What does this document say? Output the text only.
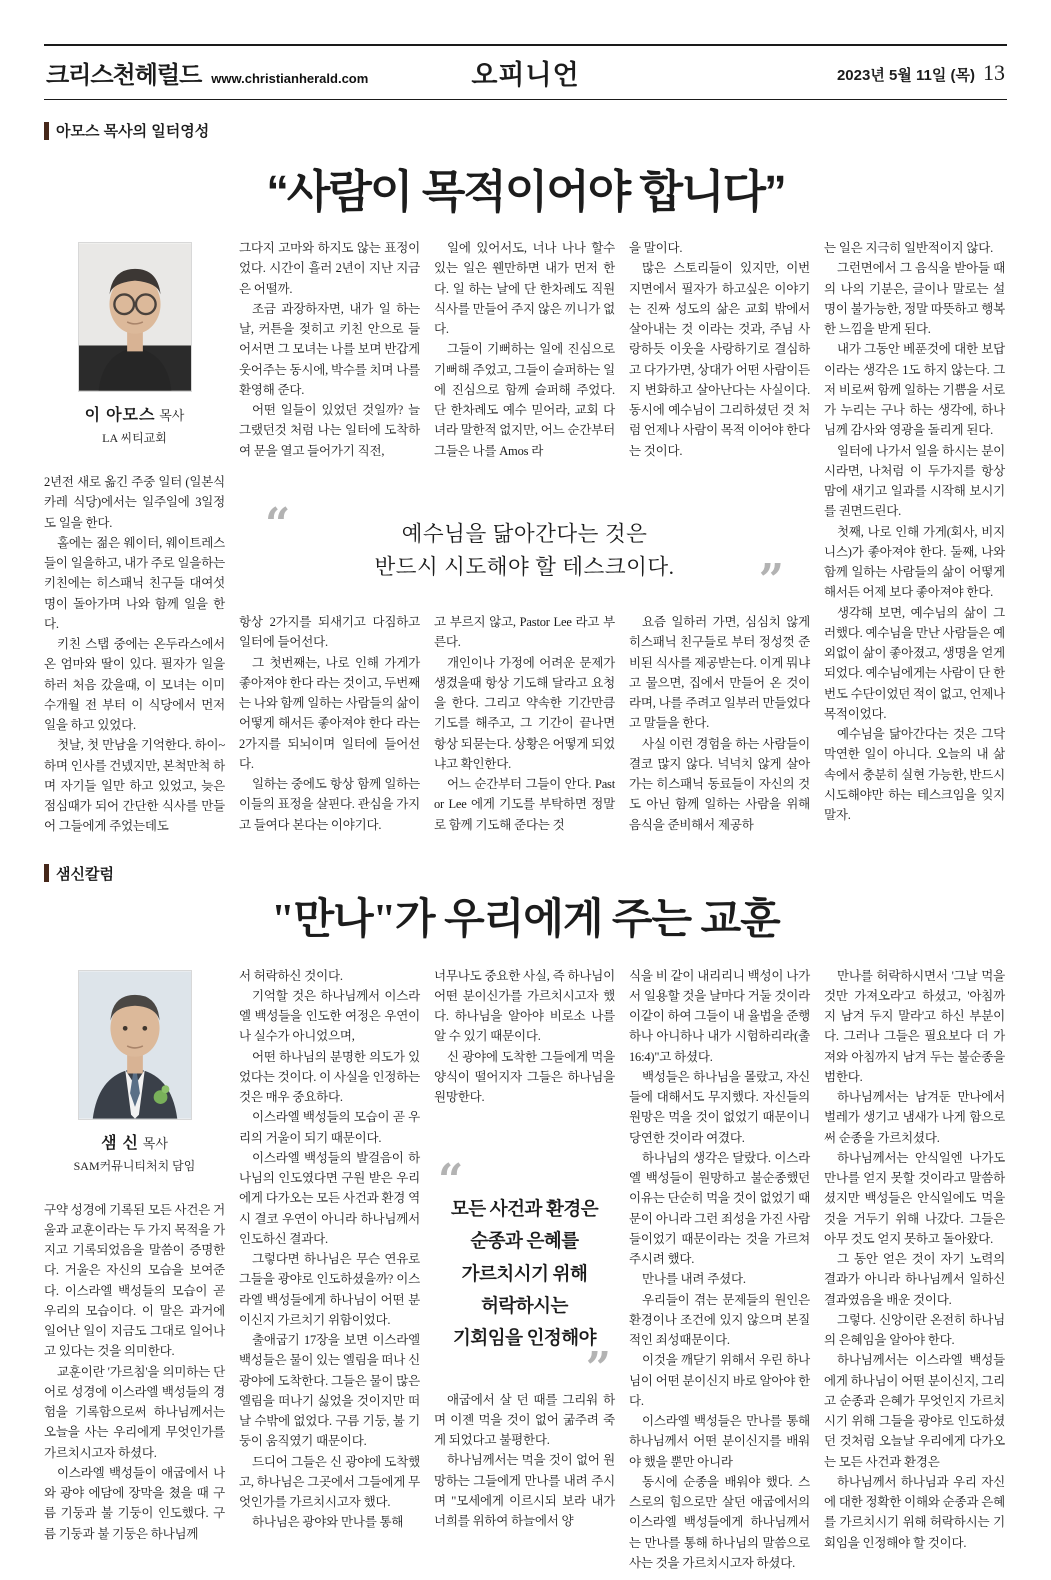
크리스천헤럴드 www.christianherald.com	오피니언	2023년 5월 11일 (목) 13
아모스 목사의 일터영성
“사람이 목적이어야 합니다”
이 아모스 목사
LA 씨티교회

2년전 새로 옮긴 주중 일터 (일본식 카레 식당)에서는 일주일에 3일정도 일을 한다.

홀에는 젊은 웨이터, 웨이트레스 들이 일을하고, 내가 주로 일을하는 키친에는 히스패닉 친구들 대여섯 명이 돌아가며 나와 함께 일을 한다.

키친 스탭 중에는 온두라스에서 온 엄마와 딸이 있다. 필자가 일을 하러 처음 갔을때, 이 모녀는 이미 수개월 전 부터 이 식당에서 먼저 일을 하고 있었다.

첫날, 첫 만남을 기억한다. 하이~ 하며 인사를 건넸지만, 본척만척 하며 자기들 일만 하고 있었고, 늦은 점심때가 되어 간단한 식사를 만들어 그들에게 주었는데도

그다지 고마와 하지도 않는 표정이었다. 시간이 흘러 2년이 지난 지금은 어떨까.

조금 과장하자면, 내가 일 하는 날, 커튼을 젖히고 키친 안으로 들어서면 그 모녀는 나를 보며 반갑게 웃어주는 동시에, 박수를 치며 나를 환영해 준다.

어떤 일들이 있었던 것일까? 늘 그랬던것 처럼 나는 일터에 도착하여 문을 열고 들어가기 직전,

일에 있어서도, 너나 나나 할수 있는 일은 웬만하면 내가 먼저 한다. 일 하는 날에 단 한차례도 직원 식사를 만들어 주지 않은 끼니가 없다.

그들이 기뻐하는 일에 진심으로 기뻐해 주었고, 그들이 슬퍼하는 일에 진심으로 함께 슬퍼해 주었다. 단 한차례도 예수 믿어라, 교회 다녀라 말한적 없지만, 어느 순간부터 그들은 나를 Amos 라

을 말이다.

많은 스토리들이 있지만, 이번 지면에서 필자가 하고싶은 이야기는 진짜 성도의 삶은 교회 밖에서 살아내는 것 이라는 것과, 주님 사랑하듯 이웃을 사랑하기로 결심하고 다가가면, 상대가 어떤 사람이든지 변화하고 살아난다는 사실이다. 동시에 예수님이 그리하셨던 것 처럼 언제나 사람이 목적 이어야 한다는 것이다.

“	예수님을 닮아간다는 것은
반드시 시도해야 할 테스크이다.	”

항상 2가지를 되새기고 다짐하고 일터에 들어선다.

그 첫번째는, 나로 인해 가게가 좋아져야 한다 라는 것이고, 두번째는 나와 함께 일하는 사람들의 삶이 어떻게 해서든 좋아져야 한다 라는 2가지를 되뇌이며 일터에 들어선다.

일하는 중에도 항상 함께 일하는 이들의 표정을 살핀다. 관심을 가지고 들여다 본다는 이야기다.

고 부르지 않고, Pastor Lee 라고 부른다.

개인이나 가정에 어려운 문제가 생겼을때 항상 기도해 달라고 요청을 한다. 그리고 약속한 기간만큼 기도를 해주고, 그 기간이 끝나면 항상 되묻는다. 상황은 어떻게 되었냐고 확인한다.

어느 순간부터 그들이 안다. Pastor Lee 에게 기도를 부탁하면 정말로 함께 기도해 준다는 것

요즘 일하러 가면, 심심치 않게 히스패닉 친구들로 부터 정성껏 준비된 식사를 제공받는다. 이게 뭐냐고 물으면, 집에서 만들어 온 것이라며, 나를 주려고 일부러 만들었다고 말들을 한다.

사실 이런 경험을 하는 사람들이 결코 많지 않다. 넉넉치 않게 살아가는 히스패닉 동료들이 자신의 것도 아닌 함께 일하는 사람을 위해 음식을 준비해서 제공하

는 일은 지극히 일반적이지 않다.

그런면에서 그 음식을 받아들 때의 나의 기분은, 글이나 말로는 설명이 불가능한, 정말 따뜻하고 행복한 느낌을 받게 된다.

내가 그동안 베푼것에 대한 보답 이라는 생각은 1도 하지 않는다. 그저 비로써 함께 일하는 기쁨을 서로가 누리는 구나 하는 생각에, 하나님께 감사와 영광을 돌리게 된다.

일터에 나가서 일을 하시는 분이 시라면, 나처럼 이 두가지를 항상 맘에 새기고 일과를 시작해 보시기를 권면드린다.

첫째, 나로 인해 가게(회사, 비지니스)가 좋아져야 한다. 둘째, 나와 함께 일하는 사람들의 삶이 어떻게 해서든 어제 보다 좋아져야 한다.

생각해 보면, 예수님의 삶이 그러했다. 예수님을 만난 사람들은 예외없이 삶이 좋아졌고, 생명을 얻게 되었다. 예수님에게는 사람이 단 한번도 수단이었던 적이 없고, 언제나 목적이었다.

예수님을 닮아간다는 것은 그닥 막연한 일이 아니다. 오늘의 내 삶속에서 충분히 실현 가능한, 반드시 시도해야만 하는 테스크임을 잊지 말자.

샘신칼럼
"만나"가 우리에게 주는 교훈
샘 신 목사
SAM커뮤니티처치 담임

구약 성경에 기록된 모든 사건은 거울과 교훈이라는 두 가지 목적을 가지고 기록되었음을 말씀이 증명한다. 거울은 자신의 모습을 보여준다. 이스라엘 백성들의 모습이 곧 우리의 모습이다. 이 말은 과거에 일어난 일이 지금도 그대로 일어나고 있다는 것을 의미한다.

교훈이란 '가르침'을 의미하는 단어로 성경에 이스라엘 백성들의 경험을 기록함으로써 하나님께서는 오늘을 사는 우리에게 무엇인가를 가르치시고자 하셨다.

이스라엘 백성들이 애굽에서 나와 광야 에담에 장막을 쳤을 때 구름 기둥과 불 기둥이 인도했다. 구름 기둥과 불 기둥은 하나님께

서 허락하신 것이다.

기억할 것은 하나님께서 이스라엘 백성들을 인도한 여정은 우연이나 실수가 아니었으며,

어떤 하나님의 분명한 의도가 있었다는 것이다. 이 사실을 인정하는 것은 매우 중요하다.

이스라엘 백성들의 모습이 곧 우리의 거울이 되기 때문이다.

이스라엘 백성들의 발걸음이 하나님의 인도였다면 구원 받은 우리에게 다가오는 모든 사건과 환경 역시 결코 우연이 아니라 하나님께서 인도하신 결과다.

그렇다면 하나님은 무슨 연유로 그들을 광야로 인도하셨을까? 이스라엘 백성들에게 하나님이 어떤 분이신지 가르치기 위함이었다.

출애굽기 17장을 보면 이스라엘 백성들은 물이 있는 엘림을 떠나 신 광야에 도착한다. 그들은 물이 많은 엘림을 떠나기 싫었을 것이지만 떠날 수밖에 없었다. 구름 기둥, 불 기둥이 움직였기 때문이다.

드디어 그들은 신 광야에 도착했고, 하나님은 그곳에서 그들에게 무엇인가를 가르치시고자 했다.

하나님은 광야와 만나를 통해

너무나도 중요한 사실, 즉 하나님이 어떤 분이신가를 가르치시고자 했다. 하나님을 알아야 비로소 나를 알 수 있기 때문이다.

신 광야에 도착한 그들에게 먹을 양식이 떨어지자 그들은 하나님을 원망한다.

“
모든 사건과 환경은
순종과 은혜를
가르치시기 위해
허락하시는
기회임을 인정해야
”

애굽에서 살 던 때를 그리워 하며 이젠 먹을 것이 없어 굶주려 죽게 되었다고 불평한다.

하나님께서는 먹을 것이 없어 원망하는 그들에게 만나를 내려 주시며 "모세에게 이르시되 보라 내가 너희를 위하여 하늘에서 양

식을 비 같이 내리리니 백성이 나가서 일용할 것을 날마다 거둘 것이라 이같이 하여 그들이 내 율법을 준행하나 아니하나 내가 시험하리라(출16:4)"고 하셨다.

백성들은 하나님을 몰랐고, 자신들에 대해서도 무지했다. 자신들의 원망은 먹을 것이 없었기 때문이니 당연한 것이라 여겼다.

하나님의 생각은 달랐다. 이스라엘 백성들이 원망하고 불순종했던 이유는 단순히 먹을 것이 없었기 때문이 아니라 그런 죄성을 가진 사람들이었기 때문이라는 것을 가르쳐주시려 했다.

만나를 내려 주셨다.

우리들이 겪는 문제들의 원인은 환경이나 조건에 있지 않으며 본질적인 죄성때문이다.

이것을 깨닫기 위해서 우린 하나님이 어떤 분이신지 바로 알아야 한다.

이스라엘 백성들은 만나를 통해 하나님께서 어떤 분이신지를 배워야 했을 뿐만 아니라

동시에 순종을 배워야 했다. 스스로의 힘으로만 살던 애굽에서의 이스라엘 백성들에게 하나님께서는 만나를 통해 하나님의 말씀으로 사는 것을 가르치시고자 하셨다.

만나를 허락하시면서 '그날 먹을 것만 가져오라'고 하셨고, '아침까지 남겨 두지 말라'고 하신 부분이다. 그러나 그들은 필요보다 더 가져와 아침까지 남겨 두는 불순종을 범한다.

하나님께서는 남겨둔 만나에서 벌레가 생기고 냄새가 나게 함으로써 순종을 가르치셨다.

하나님께서는 안식일엔 나가도 만나를 얻지 못할 것이라고 말씀하셨지만 백성들은 안식일에도 먹을 것을 거두기 위해 나갔다. 그들은 아무 것도 얻지 못하고 돌아왔다.

그 동안 얻은 것이 자기 노력의 결과가 아니라 하나님께서 일하신 결과였음을 배운 것이다.

그렇다. 신앙이란 온전히 하나님의 은혜임을 알아야 한다.

하나님께서는 이스라엘 백성들에게 하나님이 어떤 분이신지, 그리고 순종과 은혜가 무엇인지 가르치시기 위해 그들을 광야로 인도하셨던 것처럼 오늘날 우리에게 다가오는 모든 사건과 환경은

하나님께서 하나님과 우리 자신에 대한 정확한 이해와 순종과 은혜를 가르치시기 위해 허락하시는 기회임을 인정해야 할 것이다.
